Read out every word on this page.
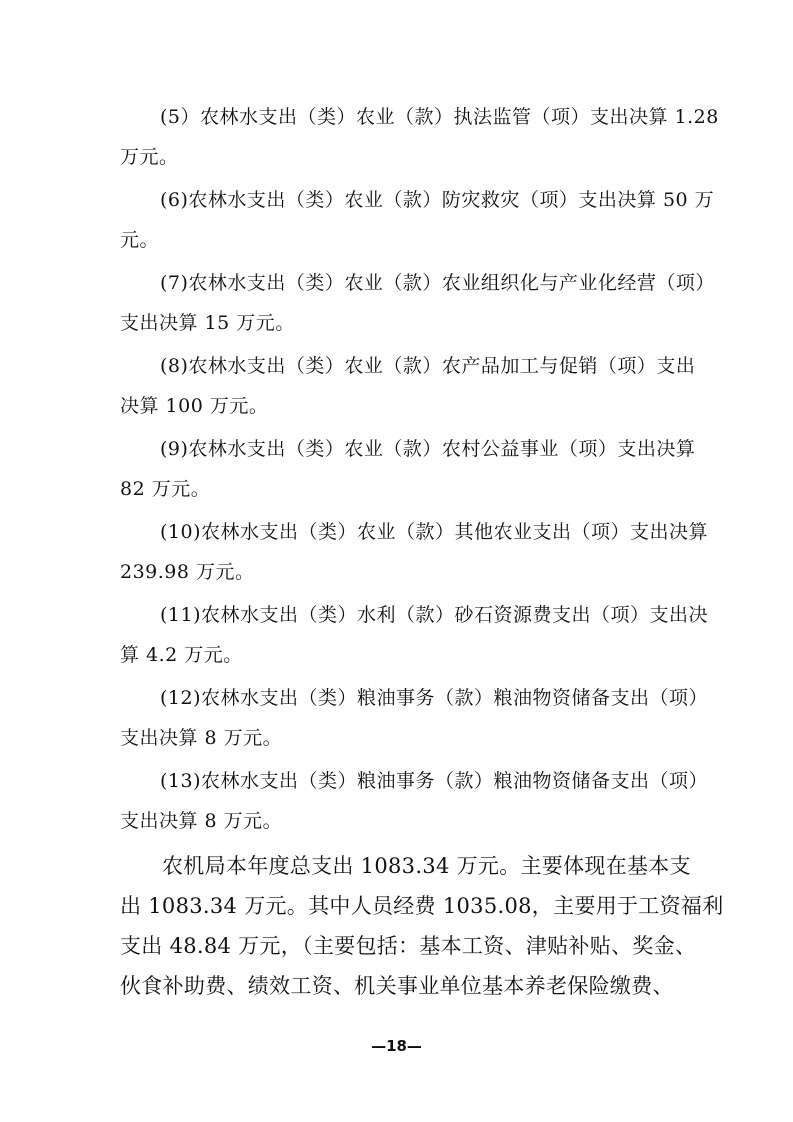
(5）农林水支出（类）农业（款）执法监管（项）支出决算 1.28
万元。

(6)农林水支出（类）农业（款）防灾救灾（项）支出决算 50 万
元。

(7)农林水支出（类）农业（款）农业组织化与产业化经营（项）
支出决算 15 万元。

(8)农林水支出（类）农业（款）农产品加工与促销（项）支出
决算 100 万元。

(9)农林水支出（类）农业（款）农村公益事业（项）支出决算
82 万元。

(10)农林水支出（类）农业（款）其他农业支出（项）支出决算
239.98 万元。

(11)农林水支出（类）水利（款）砂石资源费支出（项）支出决
算 4.2 万元。

(12)农林水支出（类）粮油事务（款）粮油物资储备支出（项）
支出决算 8 万元。

(13)农林水支出（类）粮油事务（款）粮油物资储备支出（项）
支出决算 8 万元。

农机局本年度总支出 1083.34 万元。主要体现在基本支
出 1083.34 万元。其中人员经费 1035.08，主要用于工资福利
支出 48.84 万元，（主要包括：基本工资、津贴补贴、奖金、
伙食补助费、绩效工资、机关事业单位基本养老保险缴费、

—18—
